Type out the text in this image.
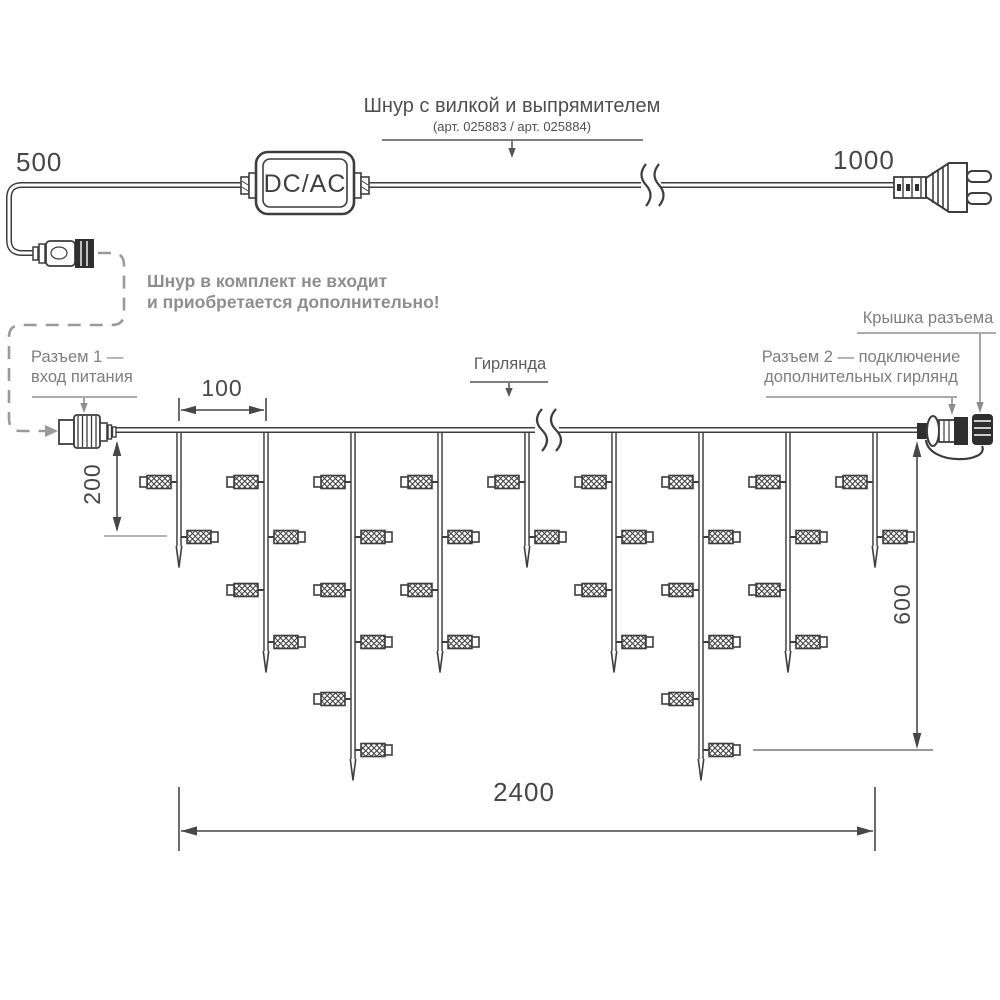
500	1000
Шнур с вилкой и выпрямителем
(арт. 025883 / арт. 025884)
DC/AC
Шнур в комплект не входит
и приобретается дополнительно!
Разъем 1 —
вход питания
Гирлянда
Крышка разъема
Разъем 2 — подключение
дополнительных гирлянд
100
200
600
2400
